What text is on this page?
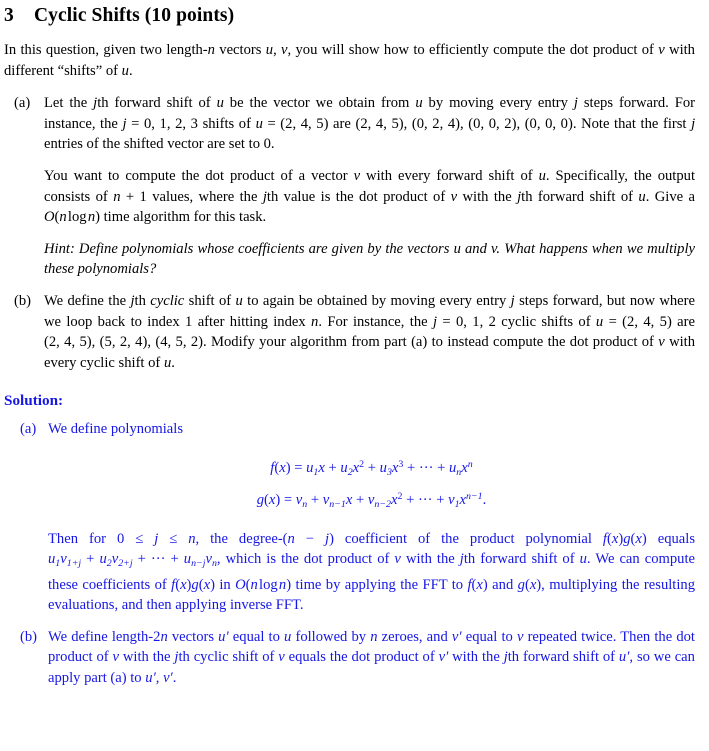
3 Cyclic Shifts (10 points)

In this question, given two length-n vectors u, v, you will show how to efficiently compute the dot product of v with different “shifts” of u.

(a) Let the jth forward shift of u be the vector we obtain from u by moving every entry j steps forward. For instance, the j = 0, 1, 2, 3 shifts of u = (2, 4, 5) are (2, 4, 5), (0, 2, 4), (0, 0, 2), (0, 0, 0). Note that the first j entries of the shifted vector are set to 0.

You want to compute the dot product of a vector v with every forward shift of u. Specifically, the output consists of n + 1 values, where the jth value is the dot product of v with the jth forward shift of u. Give a O(n log n) time algorithm for this task.

Hint: Define polynomials whose coefficients are given by the vectors u and v. What happens when we multiply these polynomials?

(b) We define the jth cyclic shift of u to again be obtained by moving every entry j steps forward, but now where we loop back to index 1 after hitting index n. For instance, the j = 0, 1, 2 cyclic shifts of u = (2, 4, 5) are (2, 4, 5), (5, 2, 4), (4, 5, 2). Modify your algorithm from part (a) to instead compute the dot product of v with every cyclic shift of u.

Solution:
(a) We define polynomials

$f(x) = u_1x + u_2x^2 + u_3x^3$ + ··· + $u_nx^n$
$g(x) = v_n + v_{n-1}x + v_{n-2}x^2$ + ··· + $v_1x^{n-1}$.

Then for 0 ≤ j ≤ n, the degree-(n − j) coefficient of the product polynomial f(x)g(x) equals $u_1v_{1+j} + u_2v_{2+j}$ + ··· + $u_{n-j}v_n$, which is the dot product of v with the jth forward shift of u. We can compute these coefficients of f(x)g(x) in O(n log n) time by applying the FFT to f(x) and g(x), multiplying the resulting evaluations, and then applying inverse FFT.

(b) We define length-2n vectors u′ equal to u followed by n zeroes, and v′ equal to v repeated twice. Then the dot product of v with the jth cyclic shift of v equals the dot product of v′ with the jth forward shift of u′, so we can apply part (a) to u′, v′.
